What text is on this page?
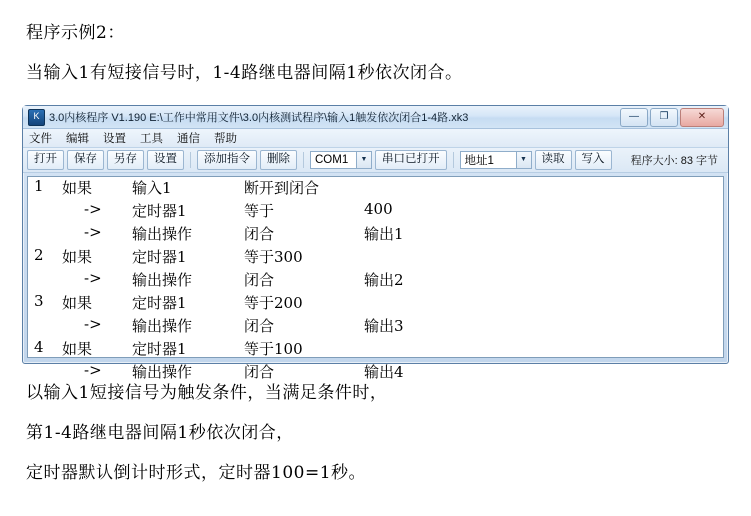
程序示例2：
当输入1有短接信号时，1-4路继电器间隔1秒依次闭合。
K 3.0内核程序 V1.190 E:\工作中常用文件\3.0内核测试程序\输入1触发依次闭合1-4路.xk3	—	❐	✕
文件 编辑 设置 工具 通信 帮助
打开	保存	另存	设置	添加指令	删除	COM1	▼	串口已打开	地址1	▼	读取	写入	程序大小: 83 字节
1	如果	输入1	断开到闭合
->	定时器1	等于	400
->	输出操作	闭合	输出1
2	如果	定时器1	等于300
->	输出操作	闭合	输出2
3	如果	定时器1	等于200
->	输出操作	闭合	输出3
4	如果	定时器1	等于100
->	输出操作	闭合	输出4
以输入1短接信号为触发条件，当满足条件时，
第1-4路继电器间隔1秒依次闭合，
定时器默认倒计时形式，定时器100=1秒。
